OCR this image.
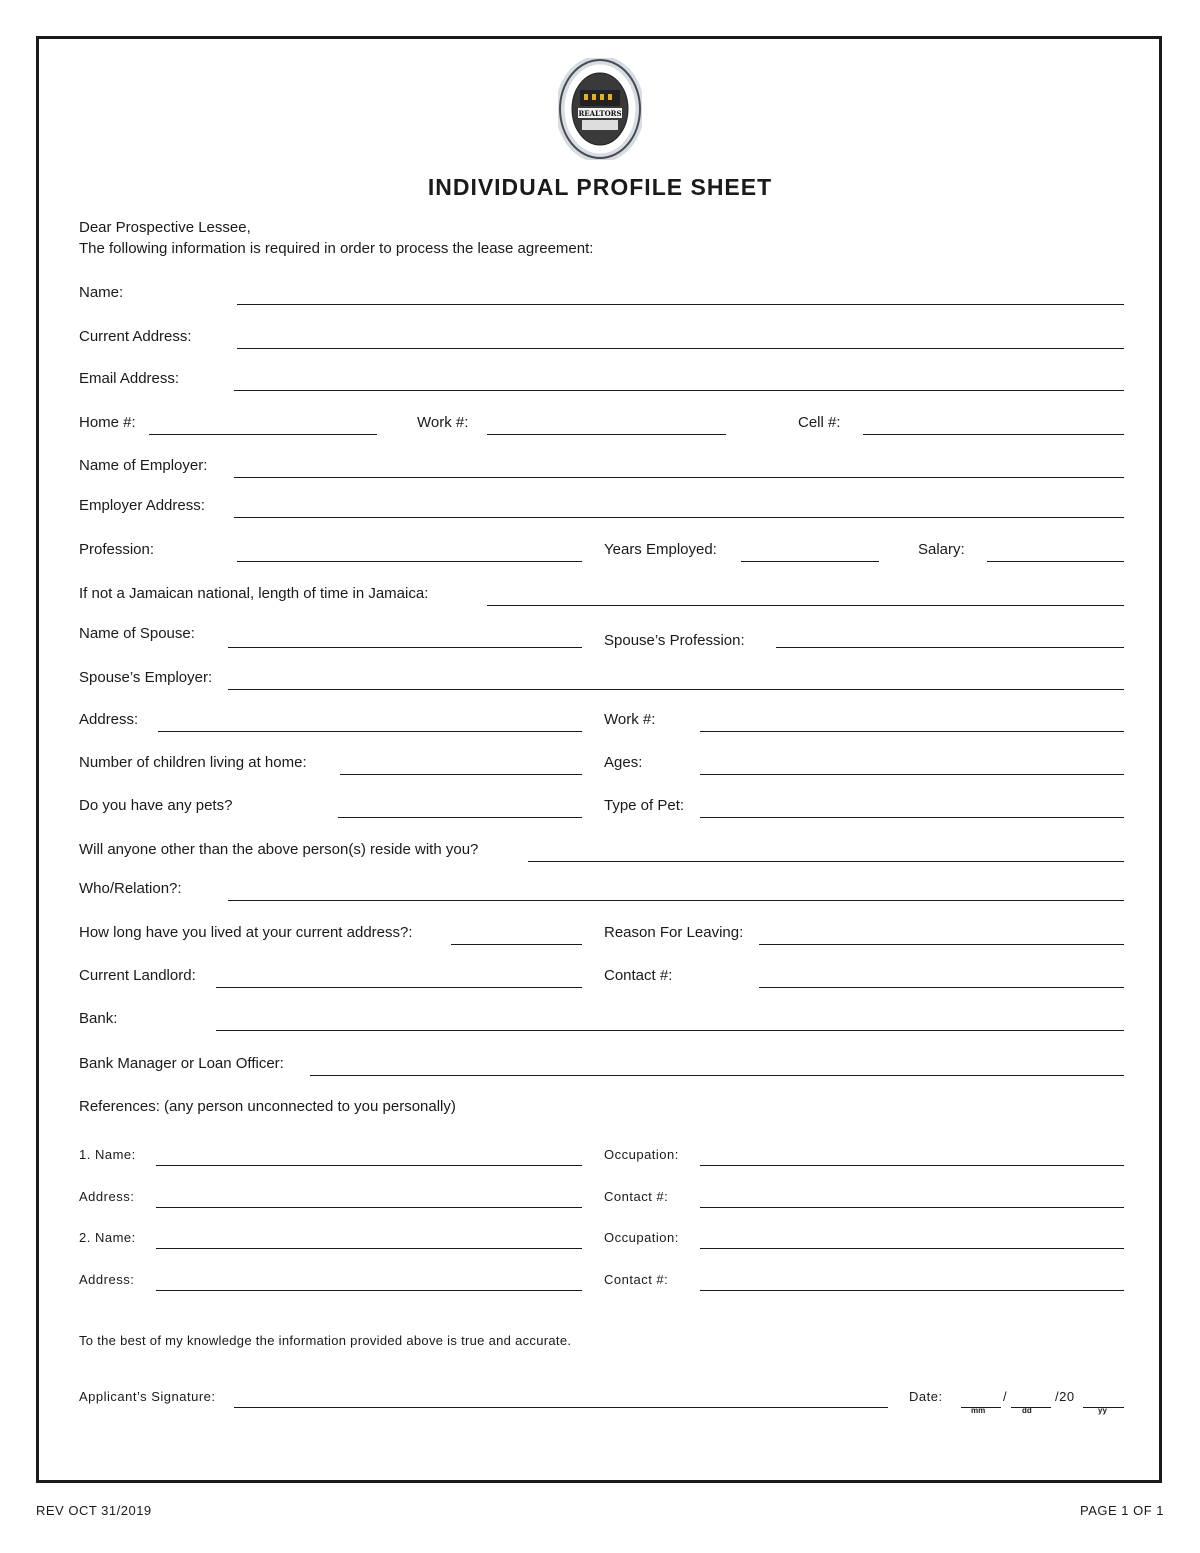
REALTORS
INDIVIDUAL PROFILE SHEET
Dear Prospective Lessee,
The following information is required in order to process the lease agreement:
Name:
Current Address:
Email Address:
Home #:	Work #:	Cell #:
Name of Employer:
Employer Address:
Profession:	Years Employed:	Salary:
If not a Jamaican national, length of time in Jamaica:
Name of Spouse:	Spouse’s Profession:
Spouse’s Employer:
Address:	Work #:
Number of children living at home:	Ages:
Do you have any pets?	Type of Pet:
Will anyone other than the above person(s) reside with you?
Who/Relation?:
How long have you lived at your current address?:	Reason For Leaving:
Current Landlord:	Contact #:
Bank:
Bank Manager or Loan Officer:
References: (any person unconnected to you personally)
1. Name:	Occupation:
Address:	Contact #:
2. Name:	Occupation:
Address:	Contact #:
To the best of my knowledge the information provided above is true and accurate.
Applicant’s Signature:	Date:	/	/20
mm	dd	yy
REV OCT 31/2019	PAGE 1 OF 1
